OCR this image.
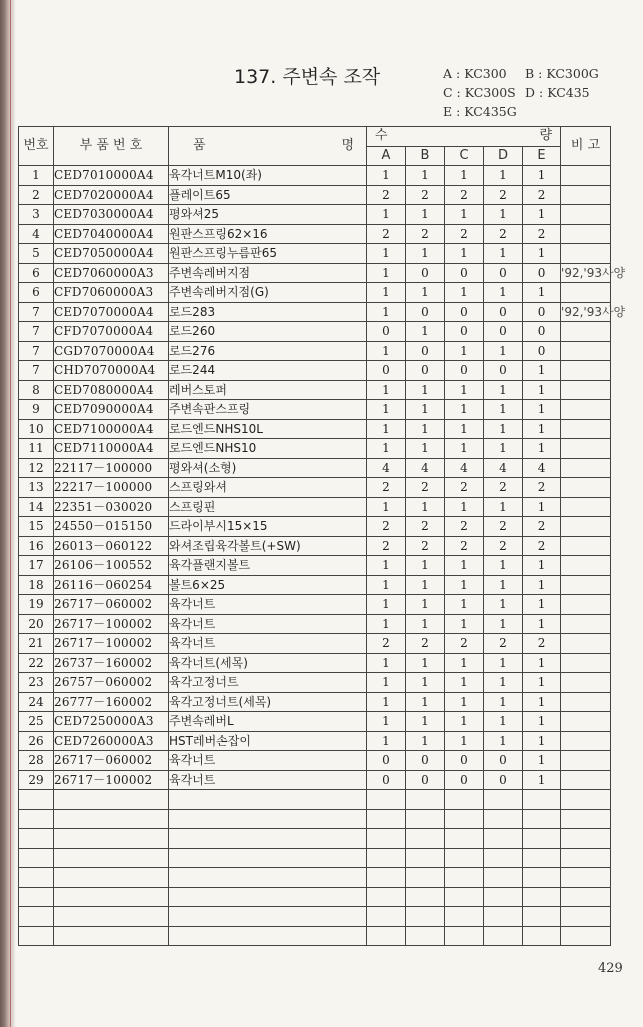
137. 주변속 조작	A : KC300 B : KC300G
C : KC300S D : KC435
E : KC435G
번호	부 품 번 호	품 명	수 량					비 고
			A	B	C	D	E	
1	CED7010000A4	육각너트M10(좌)	1	1	1	1	1	
2	CED7020000A4	플레이트65	2	2	2	2	2	
3	CED7030000A4	평와셔25	1	1	1	1	1	
4	CED7040000A4	원판스프링62×16	2	2	2	2	2	
5	CED7050000A4	원판스프링누름판65	1	1	1	1	1	
6	CED7060000A3	주변속레버지점	1	0	0	0	0	'92,'93사양
6	CFD7060000A3	주변속레버지점(G)	1	1	1	1	1	
7	CED7070000A4	로드283	1	0	0	0	0	'92,'93사양
7	CFD7070000A4	로드260	0	1	0	0	0	
7	CGD7070000A4	로드276	1	0	1	1	0	
7	CHD7070000A4	로드244	0	0	0	0	1	
8	CED7080000A4	레버스토퍼	1	1	1	1	1	
9	CED7090000A4	주변속판스프링	1	1	1	1	1	
10	CED7100000A4	로드엔드NHS10L	1	1	1	1	1	
11	CED7110000A4	로드엔드NHS10	1	1	1	1	1	
12	22117－100000	평와셔(소형)	4	4	4	4	4	
13	22217－100000	스프링와셔	2	2	2	2	2	
14	22351－030020	스프링핀	1	1	1	1	1	
15	24550－015150	드라이부시15×15	2	2	2	2	2	
16	26013－060122	와셔조립육각볼트(+SW)	2	2	2	2	2	
17	26106－100552	육각플랜지볼트	1	1	1	1	1	
18	26116－060254	볼트6×25	1	1	1	1	1	
19	26717－060002	육각너트	1	1	1	1	1	
20	26717－100002	육각너트	1	1	1	1	1	
21	26717－100002	육각너트	2	2	2	2	2	
22	26737－160002	육각너트(세목)	1	1	1	1	1	
23	26757－060002	육각고정너트	1	1	1	1	1	
24	26777－160002	육각고정너트(세목)	1	1	1	1	1	
25	CED7250000A3	주변속레버L	1	1	1	1	1	
26	CED7260000A3	HST레버손잡이	1	1	1	1	1	
28	26717－060002	육각너트	0	0	0	0	1	
29	26717－100002	육각너트	0	0	0	0	1	

429
